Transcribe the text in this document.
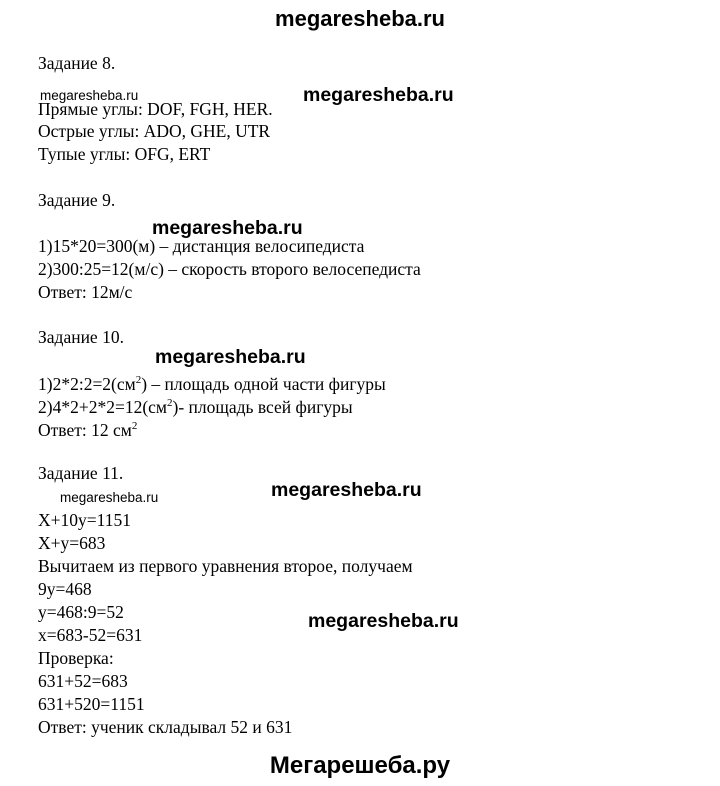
megaresheba.ru
Задание 8.
megaresheba.ru
Прямые углы: DOF, FGH, HER.
megaresheba.ru
Острые углы: ADO, GHE, UTR
Тупые углы: OFG, ERT
Задание 9.
megaresheba.ru
1)15*20=300(м) – дистанция велосипедиста
2)300:25=12(м/с) – скорость второго велосепедиста
Ответ: 12м/с
Задание 10.
megaresheba.ru
$1)2*2:2=2(см^2)$ – площадь одной части фигуры
$2)4*2+2*2=12(см^2)-$ площадь всей фигуры
Ответ: 12 $см^2$
Задание 11.
megaresheba.ru	megaresheba.ru
X+10y=1151
X+y=683
Вычитаем из первого уравнения второе, получаем
9y=468
y=468:9=52	megaresheba.ru
x=683-52=631
Проверка:
631+52=683
631+520=1151
Ответ: ученик складывал 52 и 631
Мегарешеба.ру
